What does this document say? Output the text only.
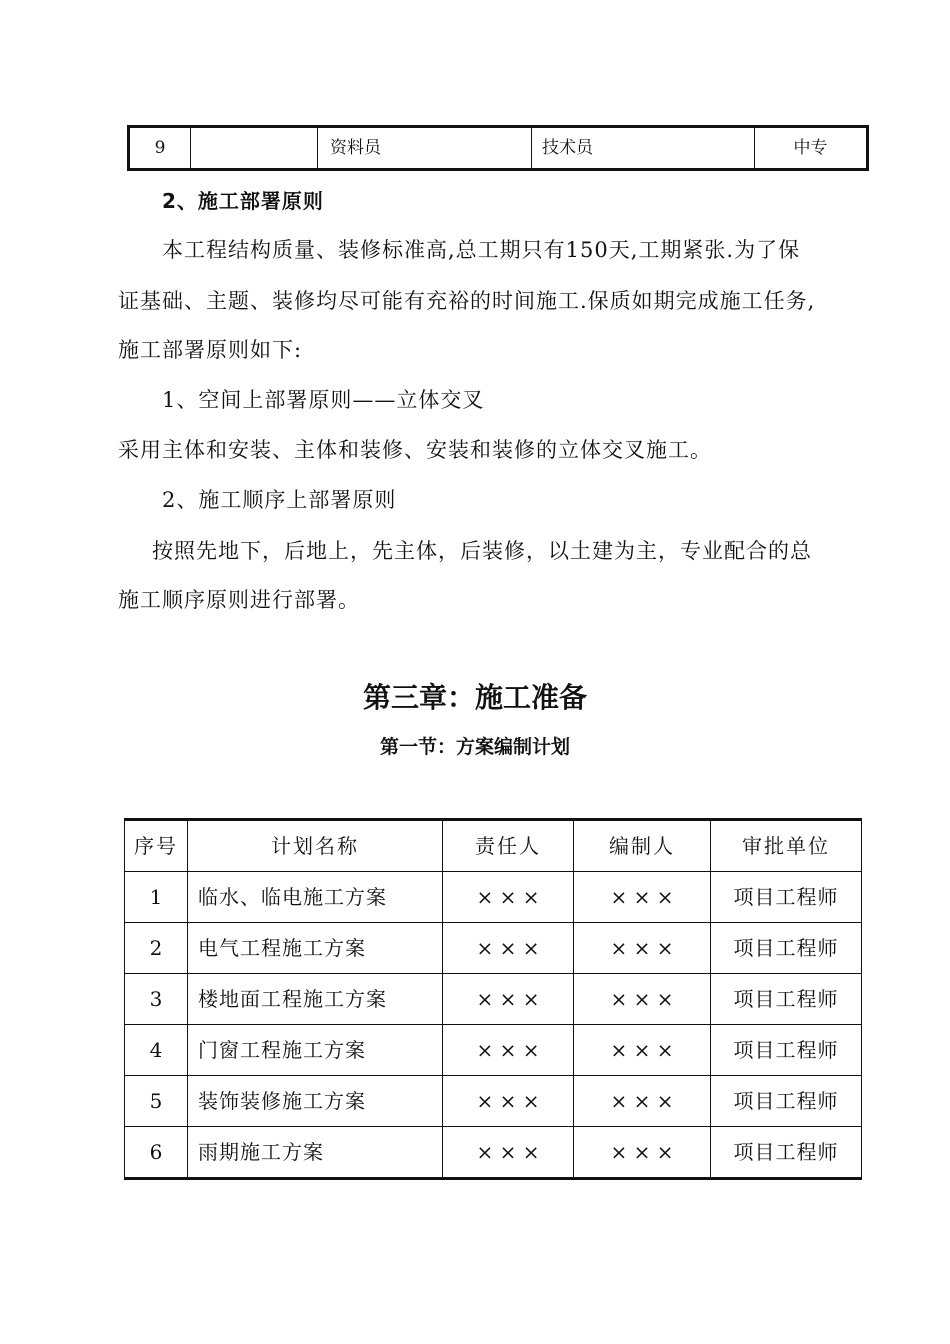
9		资料员	技术员	中专
2、施工部署原则
本工程结构质量、装修标准高,总工期只有150天,工期紧张.为了保
证基础、主题、装修均尽可能有充裕的时间施工.保质如期完成施工任务,
施工部署原则如下:
1、空间上部署原则——立体交叉
采用主体和安装、主体和装修、安装和装修的立体交叉施工。
2、施工顺序上部署原则
按照先地下，后地上，先主体，后装修，以土建为主，专业配合的总
施工顺序原则进行部署。
第三章：施工准备
第一节：方案编制计划
序号	计划名称	责任人	编制人	审批单位
1	临水、临电施工方案	× × ×	× × ×	项目工程师
2	电气工程施工方案	× × ×	× × ×	项目工程师
3	楼地面工程施工方案	× × ×	× × ×	项目工程师
4	门窗工程施工方案	× × ×	× × ×	项目工程师
5	装饰装修施工方案	× × ×	× × ×	项目工程师
6	雨期施工方案	× × ×	× × ×	项目工程师
